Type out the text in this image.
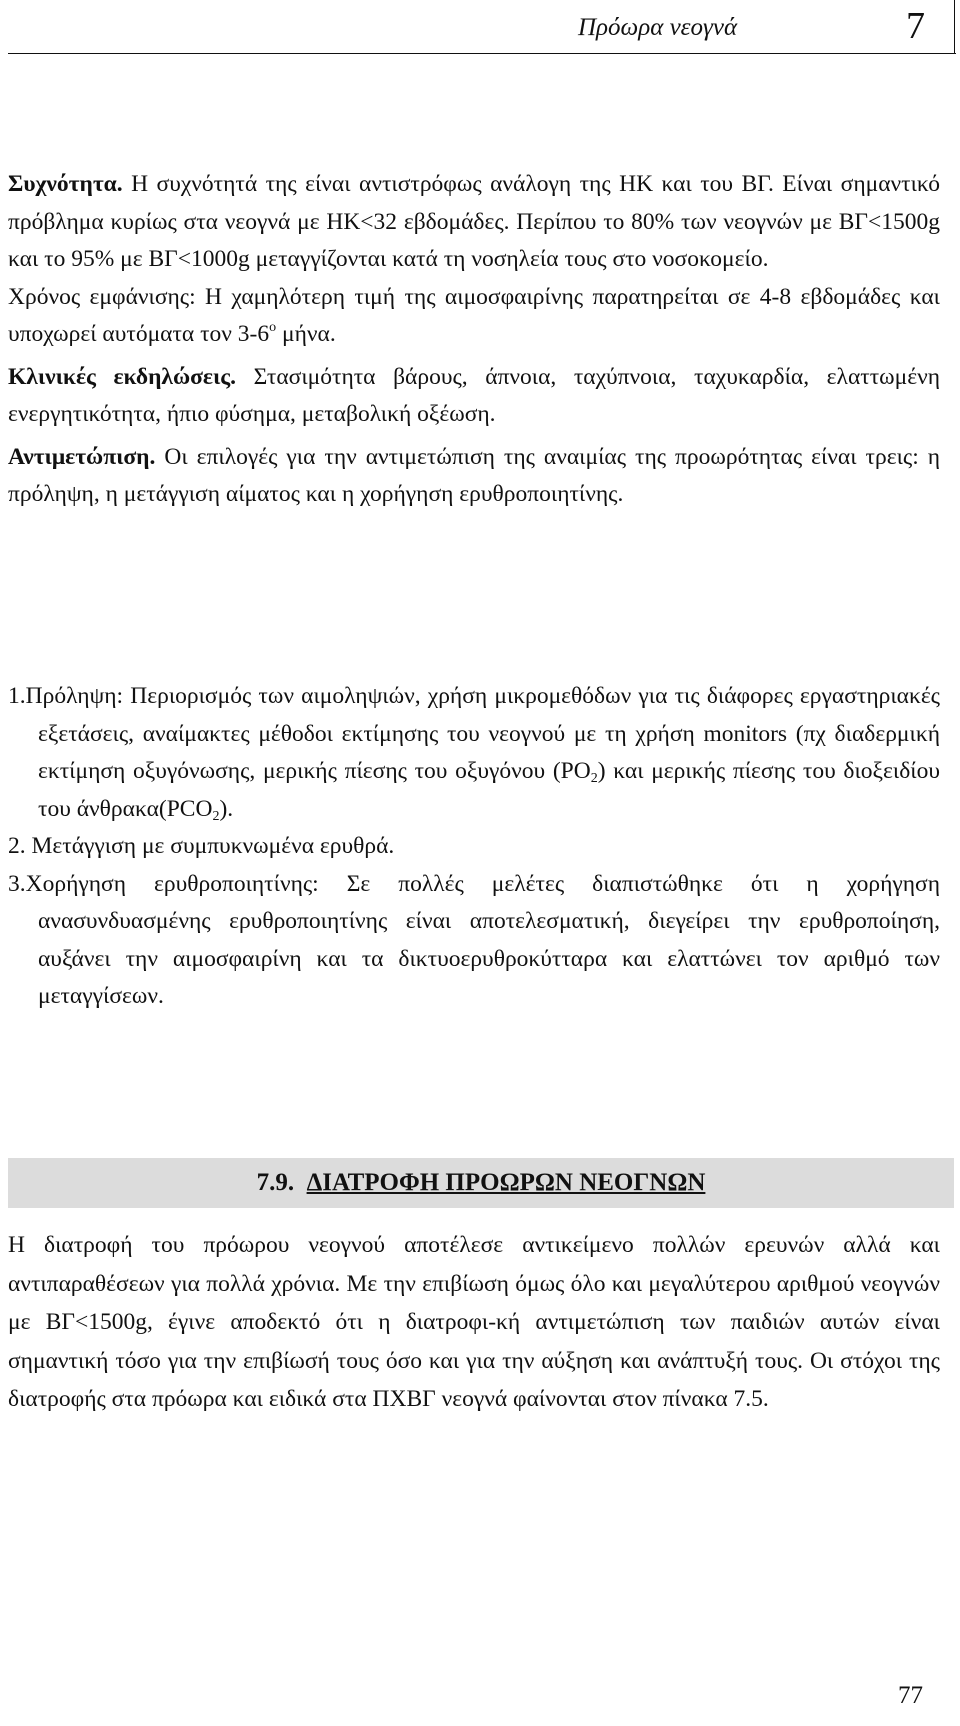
Πρόωρα νεογνά	7

Συχνότητα. Η συχνότητά της είναι αντιστρόφως ανάλογη της ΗΚ και του ΒΓ. Είναι σημαντικό πρόβλημα κυρίως στα νεογνά με ΗΚ<32 εβδομάδες. Περίπου το 80% των νεογνών με ΒΓ<1500g και το 95% με ΒΓ<1000g μεταγγίζονται κατά τη νοσηλεία τους στο νοσοκομείο.

Χρόνος εμφάνισης: Η χαμηλότερη τιμή της αιμοσφαιρίνης παρατηρείται σε 4-8 εβδομάδες και υποχωρεί αυτόματα τον $3-6^o$ μήνα.

Κλινικές εκδηλώσεις. Στασιμότητα βάρους, άπνοια, ταχύπνοια, ταχυκαρδία, ελαττωμένη ενεργητικότητα, ήπιο φύσημα, μεταβολική οξέωση.

Αντιμετώπιση. Οι επιλογές για την αντιμετώπιση της αναιμίας της προωρότητας είναι τρεις: η πρόληψη, η μετάγγιση αίματος και η χορήγηση ερυθροποιητίνης.

1.Πρόληψη: Περιορισμός των αιμοληψιών, χρήση μικρομεθόδων για τις διάφορες εργαστηριακές εξετάσεις, αναίμακτες μέθοδοι εκτίμησης του νεογνού με τη χρήση monitors (πχ διαδερμική εκτίμηση οξυγόνωσης, μερικής πίεσης του οξυγόνου $(PO_2)$ και μερικής πίεσης του διοξειδίου του $ά\nu\theta\rho\alpha\kappa\alpha(PCO_2)$.

2. Μετάγγιση με συμπυκνωμένα ερυθρά.

3.Χορήγηση ερυθροποιητίνης: Σε πολλές μελέτες διαπιστώθηκε ότι η χορήγηση ανασυνδυασμένης ερυθροποιητίνης είναι αποτελεσματική, διεγείρει την ερυθροποίηση, αυξάνει την αιμοσφαιρίνη και τα δικτυοερυθροκύτταρα και ελαττώνει τον αριθμό των μεταγγίσεων.

7.9. ΔΙΑΤΡΟΦΗ ΠΡΟΩΡΩΝ ΝΕΟΓΝΩΝ

Η διατροφή του πρόωρου νεογνού αποτέλεσε αντικείμενο πολλών ερευνών αλλά και αντιπαραθέσεων για πολλά χρόνια. Με την επιβίωση όμως όλο και μεγαλύτερου αριθμού νεογνών με ΒΓ<1500g, έγινε αποδεκτό ότι η διατροφι-κή αντιμετώπιση των παιδιών αυτών είναι σημαντική τόσο για την επιβίωσή τους όσο και για την αύξηση και ανάπτυξή τους. Οι στόχοι της διατροφής στα πρόωρα και ειδικά στα ΠΧΒΓ νεογνά φαίνονται στον πίνακα 7.5.

77
